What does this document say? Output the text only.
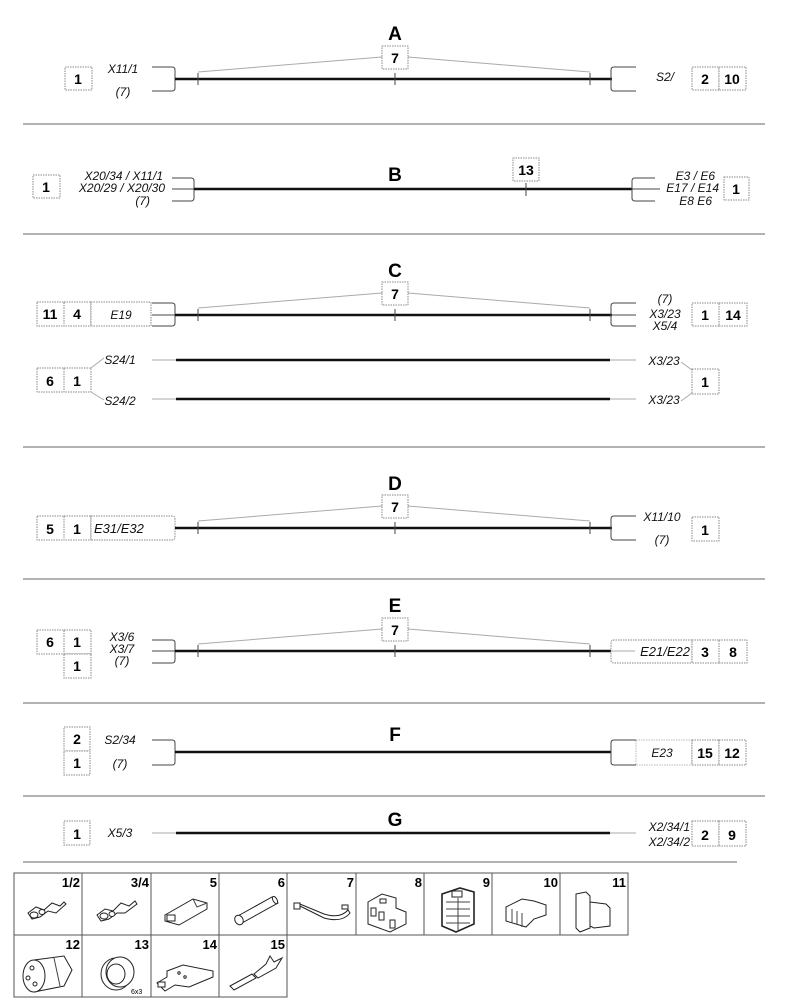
A
1
X11/1
(7)
7
S2/ 2 10
B
1
X20/34 / X11/1
X20/29 / X20/30
(7)
13	E3 / E6
E17 / E14
E8 E6
1
C
11 4 E19
7	(7)
X3/23
X5/4
1 14
6 1
S24/1
S24/2
X3/23
X3/23
1
D
5 1 E31/E32
7
X11/10
(7)
1
E
6 1
1
X3/6
X3/7
(7)
7
E21/E22 3 8
F
2
1
S2/34
(7)
E23 15 12
G
1 X5/3	X2/34/1
X2/34/2 2 9
1/2	3/4	5	6	7	8	9	10	11
12	13	14	15
6x3
